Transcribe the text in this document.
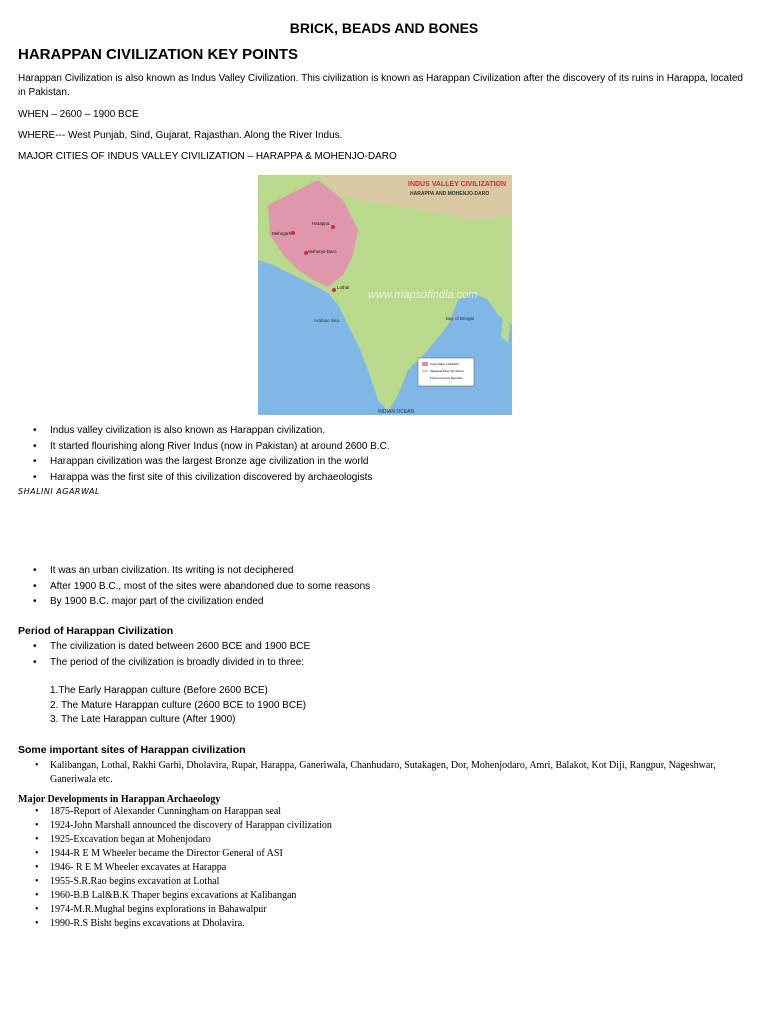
BRICK, BEADS AND BONES
HARAPPAN CIVILIZATION KEY POINTS
Harappan Civilization is also known as Indus Valley Civilization. This civilization is known as Harappan Civilization after the discovery of its ruins in Harappa, located in Pakistan.
WHEN – 2600 – 1900 BCE
WHERE--- West Punjab, Sind, Gujarat, Rajasthan. Along the River Indus.
MAJOR CITIES OF INDUS VALLEY CIVILIZATION – HARAPPA & MOHENJO-DARO
INDUS VALLEY CIVILIZATION
HARAPPA AND MOHENJO-DARO
Harappa
Mehrgarh
Mohenjo-Daro
Lothal
www.mapsofindia.com
Arabian Sea	Bay of Bengal
INDIAN OCEAN
Indus Valley Civilization
Saraswati River (Dry River)
Present Country Boundary
• Indus valley civilization is also known as Harappan civilization.
• It started flourishing along River Indus (now in Pakistan) at around 2600 B.C.
• Harappan civilization was the largest Bronze age civilization in the world
• Harappa was the first site of this civilization discovered by archaeologists
SHALINI AGARWAL
• It was an urban civilization. Its writing is not deciphered
• After 1900 B.C., most of the sites were abandoned due to some reasons
• By 1900 B.C. major part of the civilization ended
Period of Harappan Civilization
• The civilization is dated between 2600 BCE and 1900 BCE
• The period of the civilization is broadly divided in to three:
1.The Early Harappan culture (Before 2600 BCE)
2. The Mature Harappan culture (2600 BCE to 1900 BCE)
3. The Late Harappan culture (After 1900)
Some important sites of Harappan civilization
• Kalibangan, Lothal, Rakhi Garhi, Dholavira, Rupar, Harappa, Ganeriwala, Chanhudaro, Sutakagen, Dor, Mohenjodaro, Amri, Balakot, Kot Diji, Rangpur, Nageshwar, Ganeriwala etc.
Major Developments in Harappan Archaeology
• 1875-Report of Alexander Cunningham on Harappan seal
• 1924-John Marshall announced the discovery of Harappan civilization
• 1925-Excavation began at Mohenjodaro
• 1944-R E M Wheeler became the Director General of ASI
• 1946- R E M Wheeler excavates at Harappa
• 1955-S.R.Rao begins excavation at Lothal
• 1960-B.B Lal&B.K Thaper begins excavations at Kalibangan
• 1974-M.R.Mughal begins explorations in Bahawalpur
• 1990-R.S Bisht begins excavations at Dholavira.
